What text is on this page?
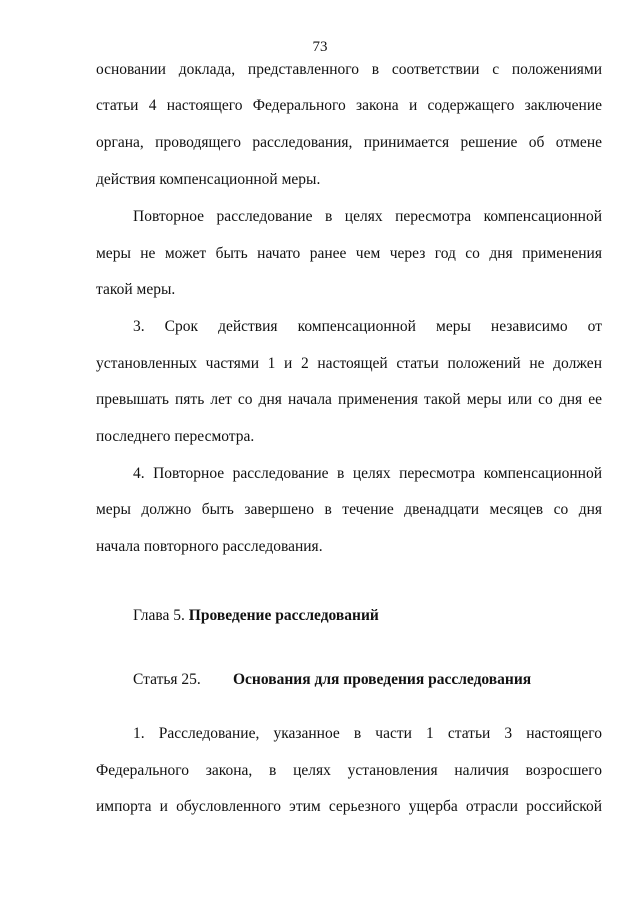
73
основании доклада, представленного в соответствии с положениями
статьи 4 настоящего Федерального закона и содержащего заключение
органа, проводящего расследования, принимается решение об отмене
действия компенсационной меры.
Повторное расследование в целях пересмотра компенсационной
меры не может быть начато ранее чем через год со дня применения
такой меры.
3. Срок действия компенсационной меры независимо от
установленных частями 1 и 2 настоящей статьи положений не должен
превышать пять лет со дня начала применения такой меры или со дня ее
последнего пересмотра.
4. Повторное расследование в целях пересмотра компенсационной
меры должно быть завершено в течение двенадцати месяцев со дня
начала повторного расследования.
Глава 5. Проведение расследований
Статья 25. Основания для проведения расследования
1. Расследование, указанное в части 1 статьи 3 настоящего
Федерального закона, в целях установления наличия возросшего
импорта и обусловленного этим серьезного ущерба отрасли российской
